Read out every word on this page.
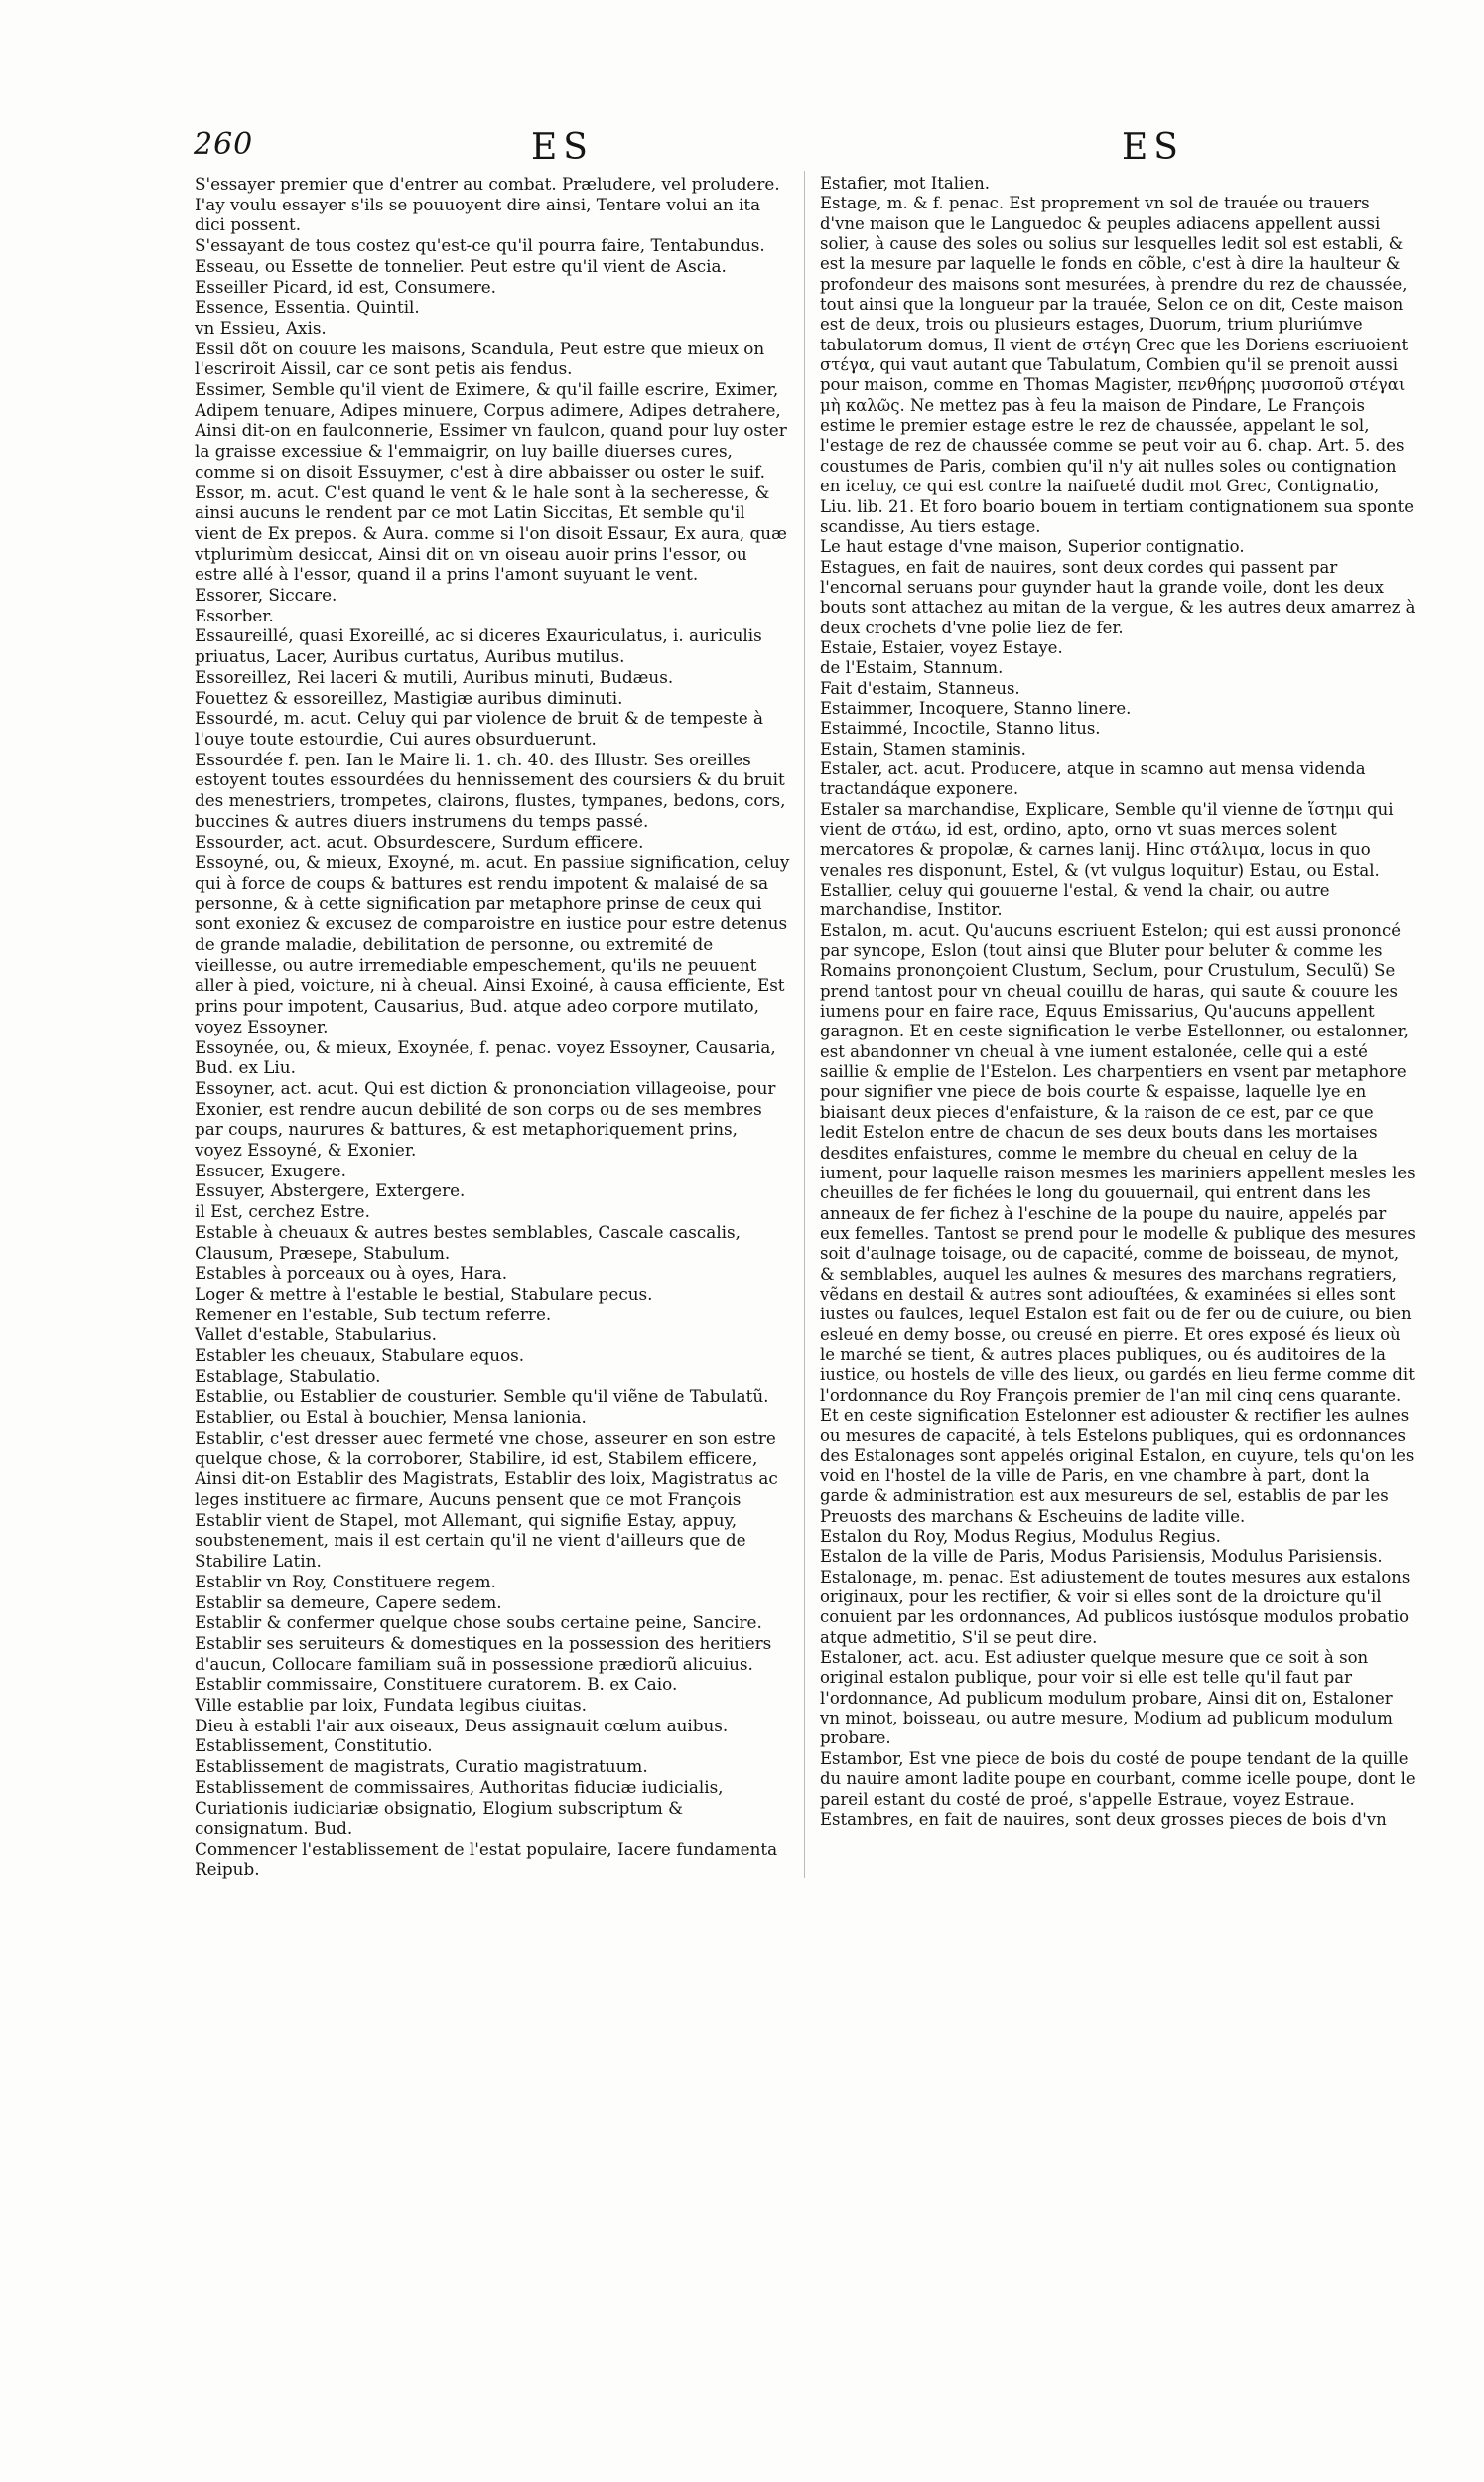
260	ES	ES

S'essayer premier que d'entrer au combat. Præludere, vel proludere.

I'ay voulu essayer s'ils se pouuoyent dire ainsi, Tentare volui an ita dici possent.

S'essayant de tous costez qu'est-ce qu'il pourra faire, Tentabundus.

Esseau, ou Essette de tonnelier. Peut estre qu'il vient de Ascia.

Esseiller Picard, id est, Consumere.

Essence, Essentia. Quintil.

vn Essieu, Axis.

Essil dõt on couure les maisons, Scandula, Peut estre que mieux on l'escriroit Aissil, car ce sont petis ais fendus.

Essimer, Semble qu'il vient de Eximere, & qu'il faille escrire, Eximer, Adipem tenuare, Adipes minuere, Corpus adimere, Adipes detrahere, Ainsi dit-on en faulconnerie, Essimer vn faulcon, quand pour luy oster la graisse excessiue & l'emmaigrir, on luy baille diuerses cures, comme si on disoit Essuymer, c'est à dire abbaisser ou oster le suif.

Essor, m. acut. C'est quand le vent & le hale sont à la secheresse, & ainsi aucuns le rendent par ce mot Latin Siccitas, Et semble qu'il vient de Ex prepos. & Aura. comme si l'on disoit Essaur, Ex aura, quæ vtplurimùm desiccat, Ainsi dit on vn oiseau auoir prins l'essor, ou estre allé à l'essor, quand il a prins l'amont suyuant le vent.

Essorer, Siccare.

Essorber.

Essaureillé, quasi Exoreillé, ac si diceres Exauriculatus, i. auriculis priuatus, Lacer, Auribus curtatus, Auribus mutilus.

Essoreillez, Rei laceri & mutili, Auribus minuti, Budæus.

Fouettez & essoreillez, Mastigiæ auribus diminuti.

Essourdé, m. acut. Celuy qui par violence de bruit & de tempeste à l'ouye toute estourdie, Cui aures obsurduerunt.

Essourdée f. pen. Ian le Maire li. 1. ch. 40. des Illustr. Ses oreilles estoyent toutes essourdées du hennissement des coursiers & du bruit des menestriers, trompetes, clairons, flustes, tympanes, bedons, cors, buccines & autres diuers instrumens du temps passé.

Essourder, act. acut. Obsurdescere, Surdum efficere.

Essoyné, ou, & mieux, Exoyné, m. acut. En passiue signification, celuy qui à force de coups & battures est rendu impotent & malaisé de sa personne, & à cette signification par metaphore prinse de ceux qui sont exoniez & excusez de comparoistre en iustice pour estre detenus de grande maladie, debilitation de personne, ou extremité de vieillesse, ou autre irremediable empeschement, qu'ils ne peuuent aller à pied, voicture, ni à cheual. Ainsi Exoiné, à causa efficiente, Est prins pour impotent, Causarius, Bud. atque adeo corpore mutilato, voyez Essoyner.

Essoynée, ou, & mieux, Exoynée, f. penac. voyez Essoyner, Causaria, Bud. ex Liu.

Essoyner, act. acut. Qui est diction & prononciation villageoise, pour Exonier, est rendre aucun debilité de son corps ou de ses membres par coups, naurures & battures, & est metaphoriquement prins, voyez Essoyné, & Exonier.

Essucer, Exugere.

Essuyer, Abstergere, Extergere.

il Est, cerchez Estre.

Estable à cheuaux & autres bestes semblables, Cascale cascalis, Clausum, Præsepe, Stabulum.

Estables à porceaux ou à oyes, Hara.

Loger & mettre à l'estable le bestial, Stabulare pecus.

Remener en l'estable, Sub tectum referre.

Vallet d'estable, Stabularius.

Establer les cheuaux, Stabulare equos.

Establage, Stabulatio.

Establie, ou Establier de cousturier. Semble qu'il viẽne de Tabulatũ.

Establier, ou Estal à bouchier, Mensa lanionia.

Establir, c'est dresser auec fermeté vne chose, asseurer en son estre quelque chose, & la corroborer, Stabilire, id est, Stabilem efficere, Ainsi dit-on Establir des Magistrats, Establir des loix, Magistratus ac leges instituere ac firmare, Aucuns pensent que ce mot François Establir vient de Stapel, mot Allemant, qui signifie Estay, appuy, soubstenement, mais il est certain qu'il ne vient d'ailleurs que de Stabilire Latin.

Establir vn Roy, Constituere regem.

Establir sa demeure, Capere sedem.

Establir & confermer quelque chose soubs certaine peine, Sancire.

Establir ses seruiteurs & domestiques en la possession des heritiers d'aucun, Collocare familiam suã in possessione prædiorũ alicuius.

Establir commissaire, Constituere curatorem. B. ex Caio.

Ville establie par loix, Fundata legibus ciuitas.

Dieu à establi l'air aux oiseaux, Deus assignauit cœlum auibus.

Establissement, Constitutio.

Establissement de magistrats, Curatio magistratuum.

Establissement de commissaires, Authoritas fiduciæ iudicialis, Curiationis iudiciariæ obsignatio, Elogium subscriptum & consignatum. Bud.

Commencer l'establissement de l'estat populaire, Iacere fundamenta Reipub.

Estafier, mot Italien.

Estage, m. & f. penac. Est proprement vn sol de trauée ou trauers d'vne maison que le Languedoc & peuples adiacens appellent aussi solier, à cause des soles ou solius sur lesquelles ledit sol est establi, & est la mesure par laquelle le fonds en cõble, c'est à dire la haulteur & profondeur des maisons sont mesurées, à prendre du rez de chaussée, tout ainsi que la longueur par la trauée, Selon ce on dit, Ceste maison est de deux, trois ou plusieurs estages, Duorum, trium pluriúmve tabulatorum domus, Il vient de στέγη Grec que les Doriens escriuoient στέγα, qui vaut autant que Tabulatum, Combien qu'il se prenoit aussi pour maison, comme en Thomas Magister, πενθήρης μυσσοποῦ στέγαι μὴ καλῶς. Ne mettez pas à feu la maison de Pindare, Le François estime le premier estage estre le rez de chaussée, appelant le sol, l'estage de rez de chaussée comme se peut voir au 6. chap. Art. 5. des coustumes de Paris, combien qu'il n'y ait nulles soles ou contignation en iceluy, ce qui est contre la naifueté dudit mot Grec, Contignatio, Liu. lib. 21. Et foro boario bouem in tertiam contignationem sua sponte scandisse, Au tiers estage.

Le haut estage d'vne maison, Superior contignatio.

Estagues, en fait de nauires, sont deux cordes qui passent par l'encornal seruans pour guynder haut la grande voile, dont les deux bouts sont attachez au mitan de la vergue, & les autres deux amarrez à deux crochets d'vne polie liez de fer.

Estaie, Estaier, voyez Estaye.

de l'Estaim, Stannum.

Fait d'estaim, Stanneus.

Estaimmer, Incoquere, Stanno linere.

Estaimmé, Incoctile, Stanno litus.

Estain, Stamen staminis.

Estaler, act. acut. Producere, atque in scamno aut mensa videnda tractandáque exponere.

Estaler sa marchandise, Explicare, Semble qu'il vienne de ἵστημι qui vient de στάω, id est, ordino, apto, orno vt suas merces solent mercatores & propolæ, & carnes lanij. Hinc στάλιμα, locus in quo venales res disponunt, Estel, & (vt vulgus loquitur) Estau, ou Estal.

Estallier, celuy qui gouuerne l'estal, & vend la chair, ou autre marchandise, Institor.

Estalon, m. acut. Qu'aucuns escriuent Estelon; qui est aussi prononcé par syncope, Eslon (tout ainsi que Bluter pour beluter & comme les Romains prononçoient Clustum, Seclum, pour Crustulum, Seculũ) Se prend tantost pour vn cheual couillu de haras, qui saute & couure les iumens pour en faire race, Equus Emissarius, Qu'aucuns appellent garagnon. Et en ceste signification le verbe Estellonner, ou estalonner, est abandonner vn cheual à vne iument estalonée, celle qui a esté saillie & emplie de l'Estelon. Les charpentiers en vsent par metaphore pour signifier vne piece de bois courte & espaisse, laquelle lye en biaisant deux pieces d'enfaisture, & la raison de ce est, par ce que ledit Estelon entre de chacun de ses deux bouts dans les mortaises desdites enfaistures, comme le membre du cheual en celuy de la iument, pour laquelle raison mesmes les mariniers appellent mesles les cheuilles de fer fichées le long du gouuernail, qui entrent dans les anneaux de fer fichez à l'eschine de la poupe du nauire, appelés par eux femelles. Tantost se prend pour le modelle & publique des mesures soit d'aulnage toisage, ou de capacité, comme de boisseau, de mynot, & semblables, auquel les aulnes & mesures des marchans regratiers, vẽdans en destail & autres sont adiouſtées, & examinées si elles sont iustes ou faulces, lequel Estalon est fait ou de fer ou de cuiure, ou bien esleué en demy bosse, ou creusé en pierre. Et ores exposé és lieux où le marché se tient, & autres places publiques, ou és auditoires de la iustice, ou hostels de ville des lieux, ou gardés en lieu ferme comme dit l'ordonnance du Roy François premier de l'an mil cinq cens quarante. Et en ceste signification Estelonner est adiouster & rectifier les aulnes ou mesures de capacité, à tels Estelons publiques, qui es ordonnances des Estalonages sont appelés original Estalon, en cuyure, tels qu'on les void en l'hostel de la ville de Paris, en vne chambre à part, dont la garde & administration est aux mesureurs de sel, establis de par les Preuosts des marchans & Escheuins de ladite ville.

Estalon du Roy, Modus Regius, Modulus Regius.

Estalon de la ville de Paris, Modus Parisiensis, Modulus Parisiensis.

Estalonage, m. penac. Est adiustement de toutes mesures aux estalons originaux, pour les rectifier, & voir si elles sont de la droicture qu'il conuient par les ordonnances, Ad publicos iustósque modulos probatio atque admetitio, S'il se peut dire.

Estaloner, act. acu. Est adiuster quelque mesure que ce soit à son original estalon publique, pour voir si elle est telle qu'il faut par l'ordonnance, Ad publicum modulum probare, Ainsi dit on, Estaloner vn minot, boisseau, ou autre mesure, Modium ad publicum modulum probare.

Estambor, Est vne piece de bois du costé de poupe tendant de la quille du nauire amont ladite poupe en courbant, comme icelle poupe, dont le pareil estant du costé de proé, s'appelle Estraue, voyez Estraue.

Estambres, en fait de nauires, sont deux grosses pieces de bois d'vn
